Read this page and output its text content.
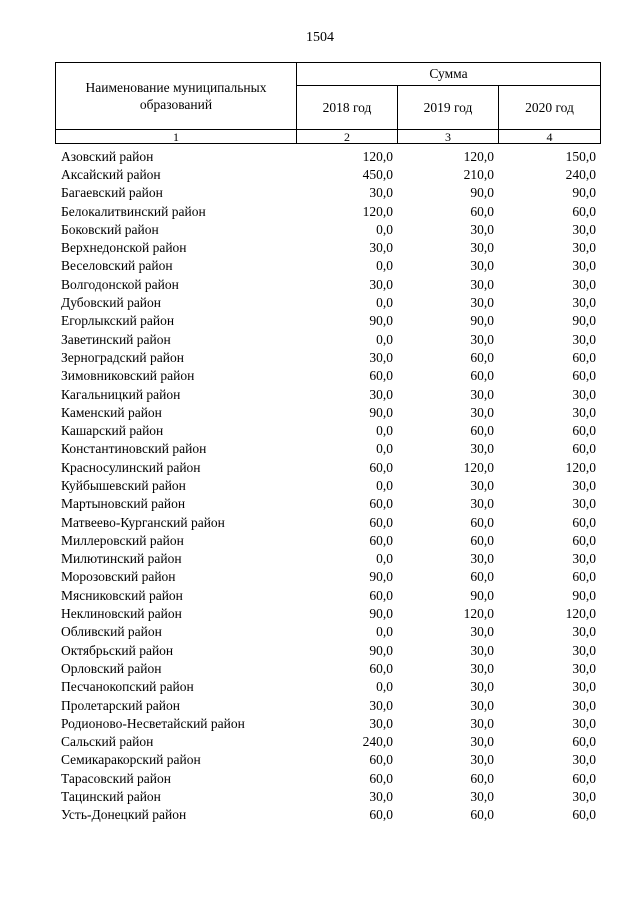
1504
Наименование муниципальных образований	Сумма		
	2018 год	2019 год	2020 год
1	2	3	4
Азовский район	120,0	120,0	150,0
Аксайский район	450,0	210,0	240,0
Багаевский район	30,0	90,0	90,0
Белокалитвинский район	120,0	60,0	60,0
Боковский район	0,0	30,0	30,0
Верхнедонской район	30,0	30,0	30,0
Веселовский район	0,0	30,0	30,0
Волгодонской район	30,0	30,0	30,0
Дубовский район	0,0	30,0	30,0
Егорлыкский район	90,0	90,0	90,0
Заветинский район	0,0	30,0	30,0
Зерноградский район	30,0	60,0	60,0
Зимовниковский район	60,0	60,0	60,0
Кагальницкий район	30,0	30,0	30,0
Каменский район	90,0	30,0	30,0
Кашарский район	0,0	60,0	60,0
Константиновский район	0,0	30,0	60,0
Красносулинский район	60,0	120,0	120,0
Куйбышевский район	0,0	30,0	30,0
Мартыновский район	60,0	30,0	30,0
Матвеево-Курганский район	60,0	60,0	60,0
Миллеровский район	60,0	60,0	60,0
Милютинский район	0,0	30,0	30,0
Морозовский район	90,0	60,0	60,0
Мясниковский район	60,0	90,0	90,0
Неклиновский район	90,0	120,0	120,0
Обливский район	0,0	30,0	30,0
Октябрьский район	90,0	30,0	30,0
Орловский район	60,0	30,0	30,0
Песчанокопский район	0,0	30,0	30,0
Пролетарский район	30,0	30,0	30,0
Родионово-Несветайский район	30,0	30,0	30,0
Сальский район	240,0	30,0	60,0
Семикаракорский район	60,0	30,0	30,0
Тарасовский район	60,0	60,0	60,0
Тацинский район	30,0	30,0	30,0
Усть-Донецкий район	60,0	60,0	60,0
